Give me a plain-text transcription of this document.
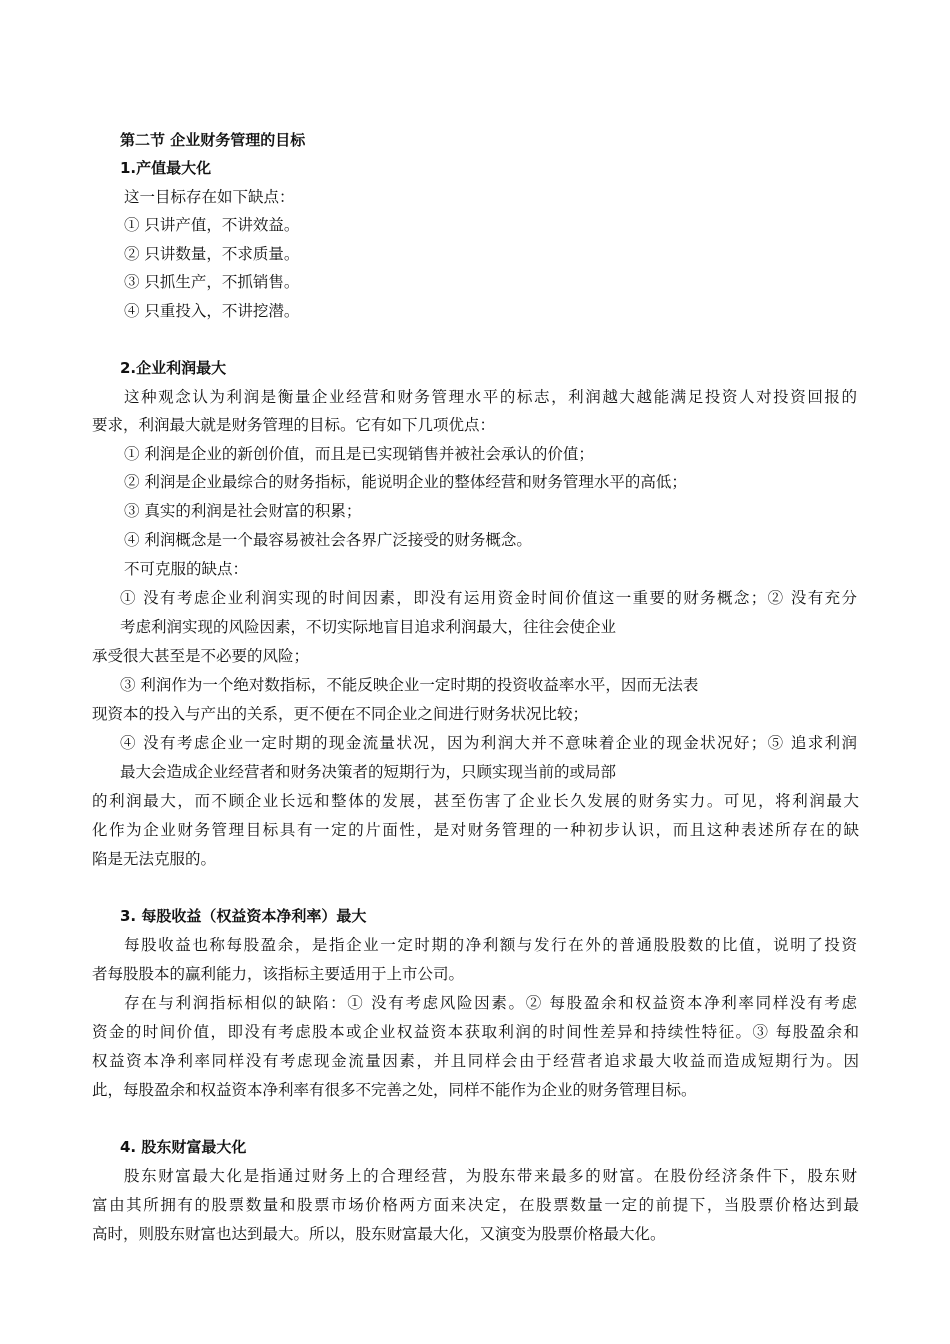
第二节 企业财务管理的目标
1.产值最大化
这一目标存在如下缺点：
① 只讲产值，不讲效益。
② 只讲数量，不求质量。
③ 只抓生产，不抓销售。
④ 只重投入，不讲挖潜。
2.企业利润最大
这种观念认为利润是衡量企业经营和财务管理水平的标志，利润越大越能满足投资人对投资回报的
要求，利润最大就是财务管理的目标。它有如下几项优点：
① 利润是企业的新创价值，而且是已实现销售并被社会承认的价值；
② 利润是企业最综合的财务指标，能说明企业的整体经营和财务管理水平的高低；
③ 真实的利润是社会财富的积累；
④ 利润概念是一个最容易被社会各界广泛接受的财务概念。
不可克服的缺点：
① 没有考虑企业利润实现的时间因素，即没有运用资金时间价值这一重要的财务概念；② 没有充分
考虑利润实现的风险因素，不切实际地盲目追求利润最大，往往会使企业
承受很大甚至是不必要的风险；
③ 利润作为一个绝对数指标，不能反映企业一定时期的投资收益率水平，因而无法表
现资本的投入与产出的关系，更不便在不同企业之间进行财务状况比较；
④ 没有考虑企业一定时期的现金流量状况，因为利润大并不意味着企业的现金状况好；⑤ 追求利润
最大会造成企业经营者和财务决策者的短期行为，只顾实现当前的或局部
的利润最大，而不顾企业长远和整体的发展，甚至伤害了企业长久发展的财务实力。可见，将利润最大
化作为企业财务管理目标具有一定的片面性，是对财务管理的一种初步认识，而且这种表述所存在的缺
陷是无法克服的。
3. 每股收益（权益资本净利率）最大
每股收益也称每股盈余，是指企业一定时期的净利额与发行在外的普通股股数的比值，说明了投资
者每股股本的赢利能力，该指标主要适用于上市公司。
存在与利润指标相似的缺陷：① 没有考虑风险因素。② 每股盈余和权益资本净利率同样没有考虑
资金的时间价值，即没有考虑股本或企业权益资本获取利润的时间性差异和持续性特征。③ 每股盈余和
权益资本净利率同样没有考虑现金流量因素，并且同样会由于经营者追求最大收益而造成短期行为。因
此，每股盈余和权益资本净利率有很多不完善之处，同样不能作为企业的财务管理目标。
4. 股东财富最大化
股东财富最大化是指通过财务上的合理经营，为股东带来最多的财富。在股份经济条件下，股东财
富由其所拥有的股票数量和股票市场价格两方面来决定，在股票数量一定的前提下，当股票价格达到最
高时，则股东财富也达到最大。所以，股东财富最大化，又演变为股票价格最大化。
